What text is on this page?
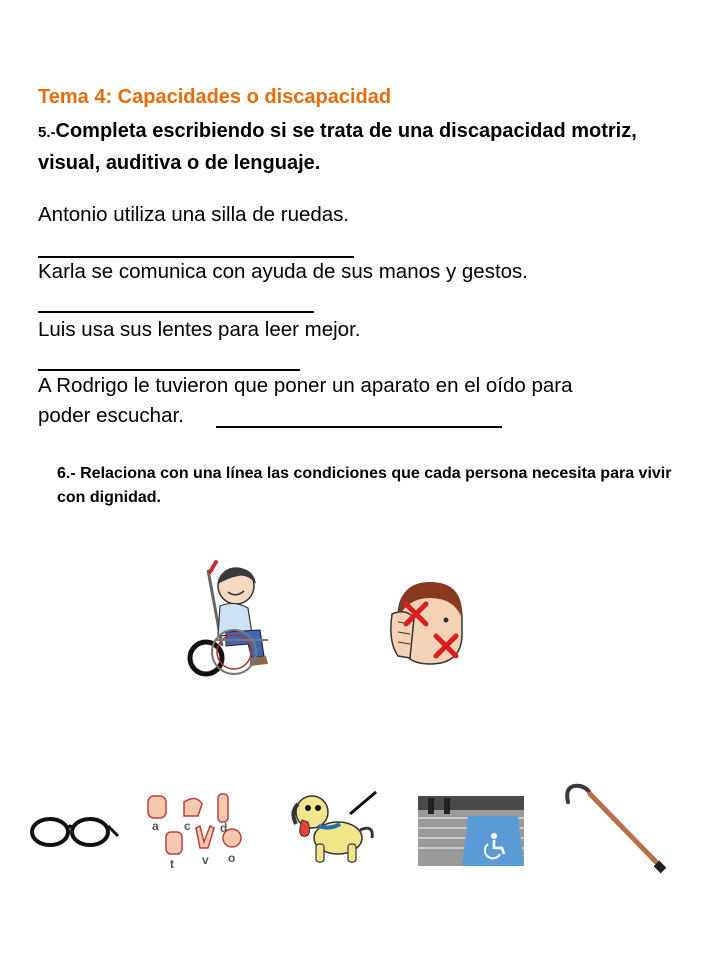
Tema 4: Capacidades o discapacidad
5.-Completa escribiendo si se trata de una discapacidad motriz, visual, auditiva o de lenguaje.
Antonio utiliza una silla de ruedas.
Karla se comunica con ayuda de sus manos y gestos.
Luis usa sus lentes para leer mejor.
A Rodrigo le tuvieron que poner un aparato en el oído para
poder escuchar.
6.- Relaciona con una línea las condiciones que cada persona necesita para vivir con dignidad.
a c d
t v o
